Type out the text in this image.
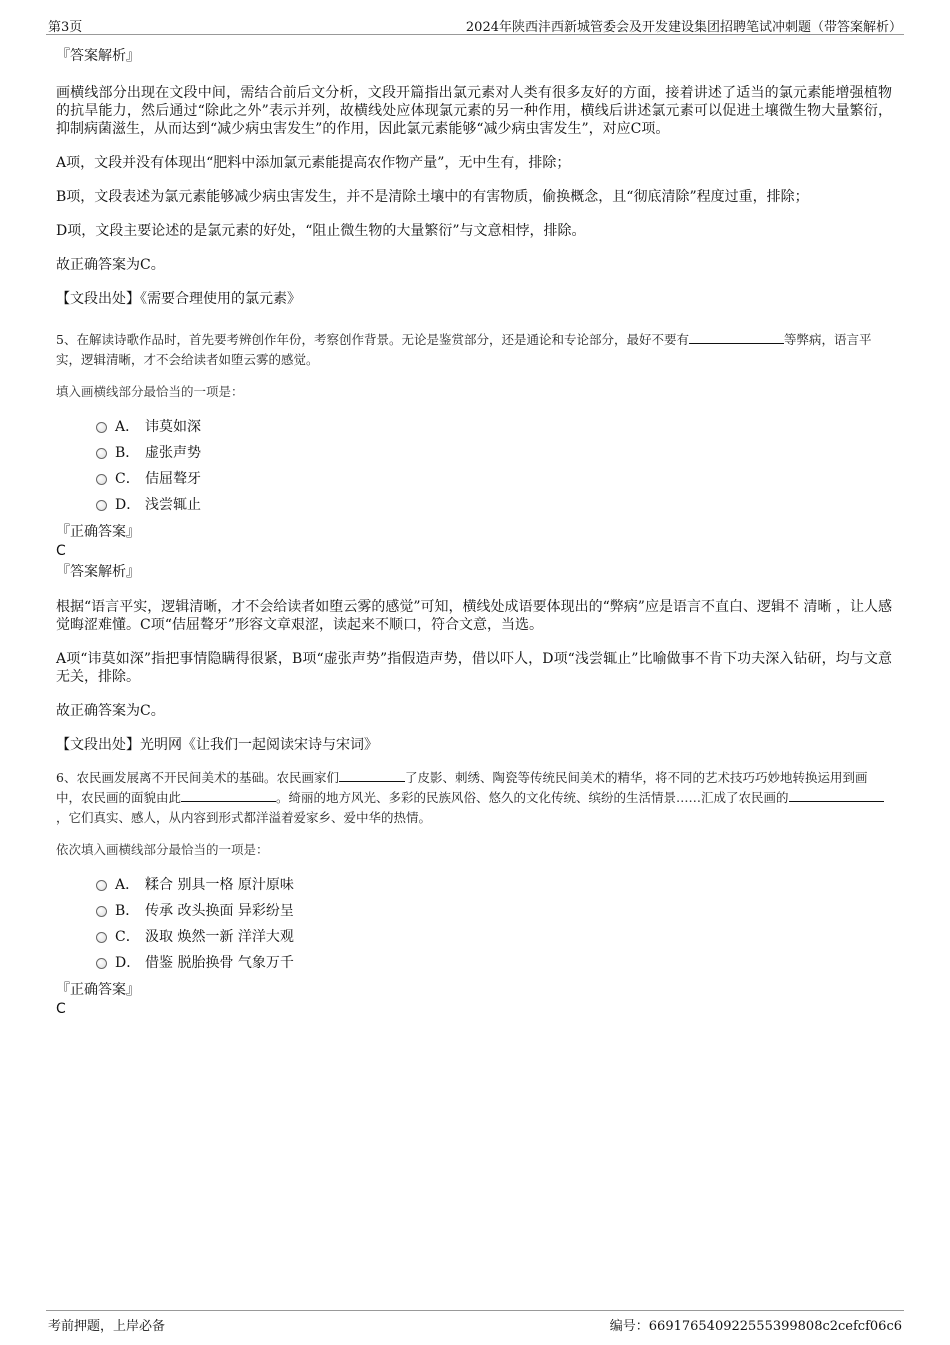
第3页	2024年陕西沣西新城管委会及开发建设集团招聘笔试冲刺题（带答案解析）

『答案解析』

画横线部分出现在文段中间，需结合前后文分析，文段开篇指出氯元素对人类有很多友好的方面，接着讲述了适当的氯元素能增强植物的抗旱能力，然后通过“除此之外”表示并列，故横线处应体现氯元素的另一种作用，横线后讲述氯元素可以促进土壤微生物大量繁衍，抑制病菌滋生，从而达到“减少病虫害发生”的作用，因此氯元素能够“减少病虫害发生”，对应C项。

A项，文段并没有体现出“肥料中添加氯元素能提高农作物产量”，无中生有，排除；

B项，文段表述为氯元素能够减少病虫害发生，并不是清除土壤中的有害物质，偷换概念，且“彻底清除”程度过重，排除；

D项，文段主要论述的是氯元素的好处，“阻止微生物的大量繁衍”与文意相悖，排除。

故正确答案为C。

【文段出处】《需要合理使用的氯元素》

5、在解读诗歌作品时，首先要考辨创作年份，考察创作背景。无论是鉴赏部分，还是通论和专论部分，最好不要有	等弊病，语言平实，逻辑清晰，才不会给读者如堕云雾的感觉。

填入画横线部分最恰当的一项是：

A． 讳莫如深
B． 虚张声势
C． 佶屈聱牙
D． 浅尝辄止

『正确答案』

C

『答案解析』

根据“语言平实，逻辑清晰，才不会给读者如堕云雾的感觉”可知，横线处成语要体现出的“弊病”应是语言不直白、逻辑不 清晰 ，让人感觉晦涩难懂。C项“佶屈聱牙”形容文章艰涩，读起来不顺口，符合文意，当选。

A项“讳莫如深”指把事情隐瞒得很紧，B项“虚张声势”指假造声势，借以吓人，D项“浅尝辄止”比喻做事不肯下功夫深入钻研，均与文意无关，排除。

故正确答案为C。

【文段出处】光明网《让我们一起阅读宋诗与宋词》

6、农民画发展离不开民间美术的基础。农民画家们	了皮影、刺绣、陶瓷等传统民间美术的精华，将不同的艺术技巧巧妙地转换运用到画中，农民画的面貌由此	。绮丽的地方风光、多彩的民族风俗、悠久的文化传统、缤纷的生活情景……汇成了农民画的，它们真实、感人，从内容到形式都洋溢着爱家乡、爱中华的热情。

依次填入画横线部分最恰当的一项是：

A． 糅合 别具一格 原汁原味
B． 传承 改头换面 异彩纷呈
C． 汲取 焕然一新 洋洋大观
D． 借鉴 脱胎换骨 气象万千

『正确答案』

C

考前押题，上岸必备	编号：669176540922555399808c2cefcf06c6
